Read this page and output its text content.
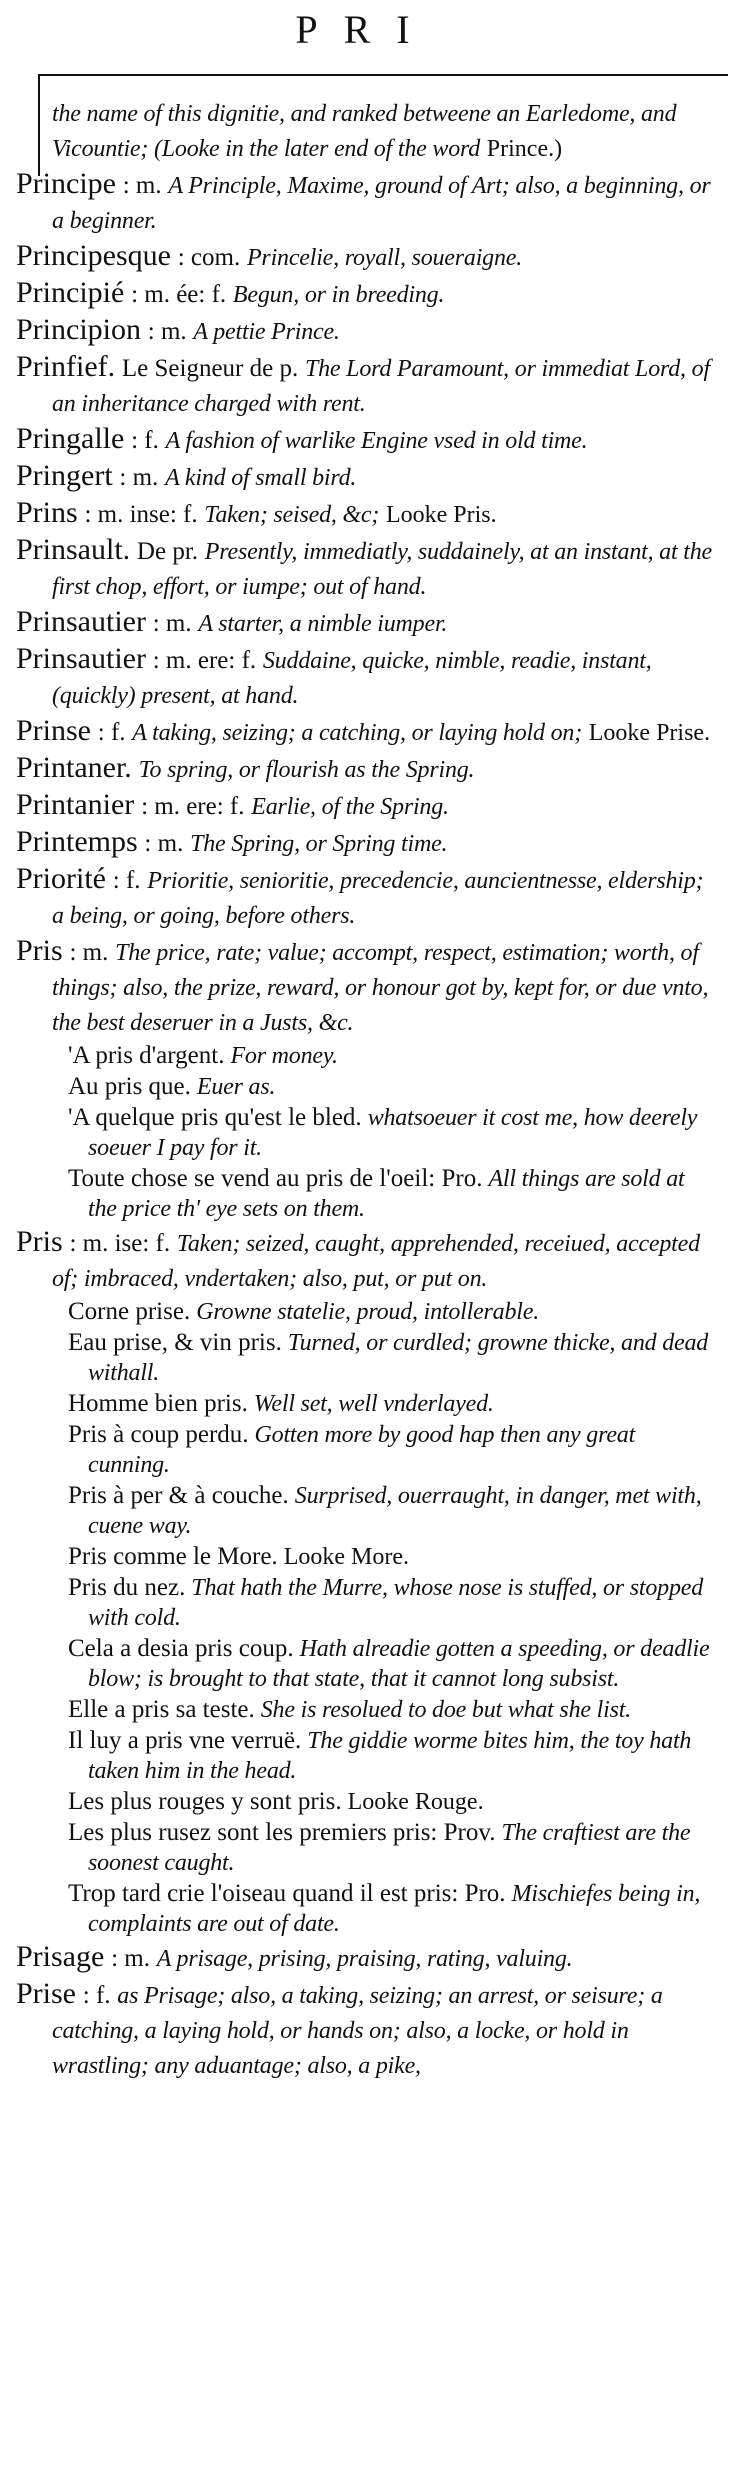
PRI
the name of this dignitie, and ranked betweene an Earledome, and Vicountie; (Looke in the later end of the word Prince.)
Principe : m. A Principle, Maxime, ground of Art; also, a beginning, or a beginner.
Principesque : com. Princelie, royall, soueraigne.
Principié : m. ée: f. Begun, or in breeding.
Principion : m. A pettie Prince.
Prinfief. Le Seigneur de p. The Lord Paramount, or immediat Lord, of an inheritance charged with rent.
Pringalle : f. A fashion of warlike Engine vsed in old time.
Pringert : m. A kind of small bird.
Prins : m. inse: f. Taken; seised, &c; Looke Pris.
Prinsault. De pr. Presently, immediatly, suddainely, at an instant, at the first chop, effort, or iumpe; out of hand.
Prinsautier : m. A starter, a nimble iumper.
Prinsautier : m. ere: f. Suddaine, quicke, nimble, readie, instant, (quickly) present, at hand.
Prinse : f. A taking, seizing; a catching, or laying hold on; Looke Prise.
Printaner. To spring, or flourish as the Spring.
Printanier : m. ere: f. Earlie, of the Spring.
Printemps : m. The Spring, or Spring time.
Priorité : f. Prioritie, senioritie, precedencie, auncientnesse, eldership; a being, or going, before others.
Pris : m. The price, rate; value; accompt, respect, estimation; worth, of things; also, the prize, reward, or honour got by, kept for, or due vnto, the best deseruer in a Justs, &c.
'A pris d'argent. For money.
Au pris que. Euer as.
'A quelque pris qu'est le bled. whatsoeuer it cost me, how deerely soeuer I pay for it.
Toute chose se vend au pris de l'oeil: Pro. All things are sold at the price th' eye sets on them.
Pris : m. ise: f. Taken; seized, caught, apprehended, receiued, accepted of; imbraced, vndertaken; also, put, or put on.
Corne prise. Growne statelie, proud, intollerable.
Eau prise, & vin pris. Turned, or curdled; growne thicke, and dead withall.
Homme bien pris. Well set, well vnderlayed.
Pris à coup perdu. Gotten more by good hap then any great cunning.
Pris à per & à couche. Surprised, ouerraught, in danger, met with, cuene way.
Pris comme le More. Looke More.
Pris du nez. That hath the Murre, whose nose is stuffed, or stopped with cold.
Cela a desia pris coup. Hath alreadie gotten a speeding, or deadlie blow; is brought to that state, that it cannot long subsist.
Elle a pris sa teste. She is resolued to doe but what she list.
Il luy a pris vne verruë. The giddie worme bites him, the toy hath taken him in the head.
Les plus rouges y sont pris. Looke Rouge.
Les plus rusez sont les premiers pris: Prov. The craftiest are the soonest caught.
Trop tard crie l'oiseau quand il est pris: Pro. Mischiefes being in, complaints are out of date.
Prisage : m. A prisage, prising, praising, rating, valuing.
Prise : f. as Prisage; also, a taking, seizing; an arrest, or seisure; a catching, a laying hold, or hands on; also, a locke, or hold in wrastling; any aduantage; also, a pike,
